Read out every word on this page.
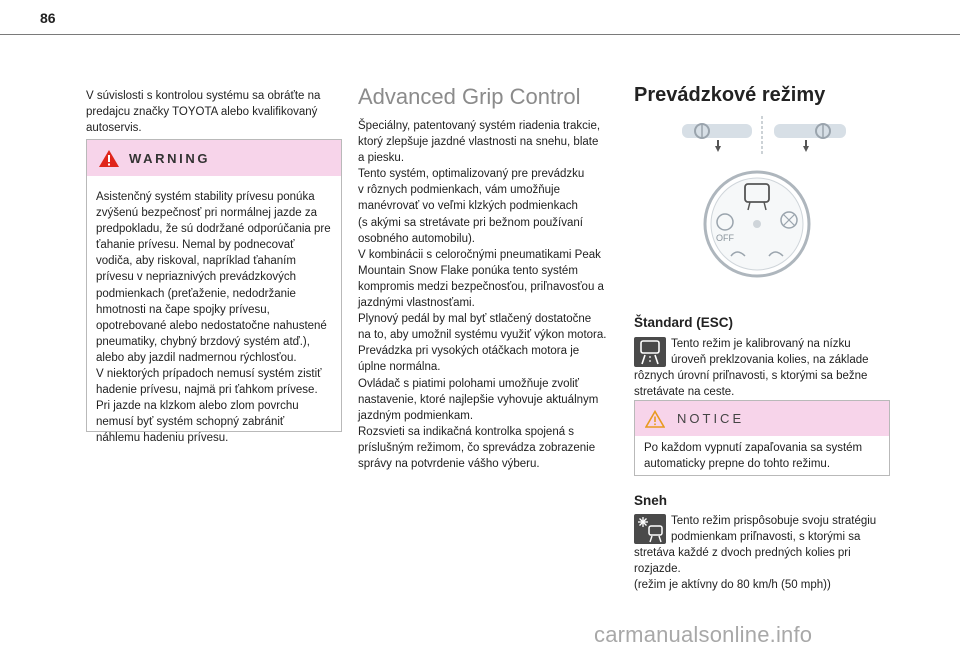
86
V súvislosti s kontrolou systému sa obráťte na
predajcu značky TOYOTA alebo kvalifikovaný
autoservis.
WARNING
Asistenčný systém stability prívesu ponúka
zvýšenú bezpečnosť pri normálnej jazde za
predpokladu, že sú dodržané odporúčania pre
ťahanie prívesu. Nemal by podnecovať
vodiča, aby riskoval, napríklad ťahaním
prívesu v nepriaznivých prevádzkových
podmienkach (preťaženie, nedodržanie
hmotnosti na čape spojky prívesu,
opotrebované alebo nedostatočne nahustené
pneumatiky, chybný brzdový systém atď.),
alebo aby jazdil nadmernou rýchlosťou.
V niektorých prípadoch nemusí systém zistiť
hadenie prívesu, najmä pri ťahkom prívese.
Pri jazde na klzkom alebo zlom povrchu
nemusí byť systém schopný zabrániť
náhlemu hadeniu prívesu.
Advanced Grip Control
Špeciálny, patentovaný systém riadenia trakcie,
ktorý zlepšuje jazdné vlastnosti na snehu, blate
a piesku.
Tento systém, optimalizovaný pre prevádzku
v rôznych podmienkach, vám umožňuje
manévrovať vo veľmi klzkých podmienkach
(s akými sa stretávate pri bežnom používaní
osobného automobilu).
V kombinácii s celoročnými pneumatikami Peak
Mountain Snow Flake ponúka tento systém
kompromis medzi bezpečnosťou, priľnavosťou a
jazdnými vlastnosťami.
Plynový pedál by mal byť stlačený dostatočne
na to, aby umožnil systému využiť výkon motora.
Prevádzka pri vysokých otáčkach motora je
úplne normálna.
Ovládač s piatimi polohami umožňuje zvoliť
nastavenie, ktoré najlepšie vyhovuje aktuálnym
jazdným podmienkam.
Rozsvieti sa indikačná kontrolka spojená s
príslušným režimom, čo sprevádza zobrazenie
správy na potvrdenie vášho výberu.
Prevádzkové režimy
OFF
Štandard (ESC)
Tento režim je kalibrovaný na nízku
úroveň preklzovania kolies, na základe
rôznych úrovní priľnavosti, s ktorými sa bežne
stretávate na ceste.
NOTICE
Po každom vypnutí zapaľovania sa systém
automaticky prepne do tohto režimu.
Sneh
Tento režim prispôsobuje svoju stratégiu
podmienkam priľnavosti, s ktorými sa
stretáva každé z dvoch predných kolies pri
rozjazde.
(režim je aktívny do 80 km/h (50 mph))
carmanualsonline.info
